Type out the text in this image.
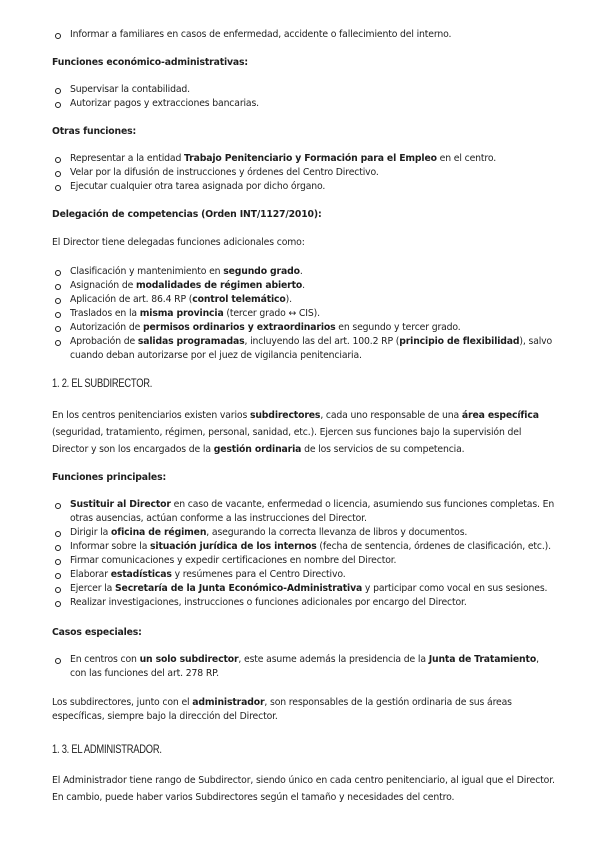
Informar a familiares en casos de enfermedad, accidente o fallecimiento del interno.
Funciones económico-administrativas:
Supervisar la contabilidad.
Autorizar pagos y extracciones bancarias.
Otras funciones:
Representar a la entidad Trabajo Penitenciario y Formación para el Empleo en el centro.
Velar por la difusión de instrucciones y órdenes del Centro Directivo.
Ejecutar cualquier otra tarea asignada por dicho órgano.
Delegación de competencias (Orden INT/1127/2010):
El Director tiene delegadas funciones adicionales como:
Clasificación y mantenimiento en segundo grado.
Asignación de modalidades de régimen abierto.
Aplicación de art. 86.4 RP (control telemático).
Traslados en la misma provincia (tercer grado ↔ CIS).
Autorización de permisos ordinarios y extraordinarios en segundo y tercer grado.
Aprobación de salidas programadas, incluyendo las del art. 100.2 RP (principio de flexibilidad), salvo cuando deban autorizarse por el juez de vigilancia penitenciaria.
1. 2. EL SUBDIRECTOR.
En los centros penitenciarios existen varios subdirectores, cada uno responsable de una área específica (seguridad, tratamiento, régimen, personal, sanidad, etc.). Ejercen sus funciones bajo la supervisión del Director y son los encargados de la gestión ordinaria de los servicios de su competencia.
Funciones principales:
Sustituir al Director en caso de vacante, enfermedad o licencia, asumiendo sus funciones completas. En otras ausencias, actúan conforme a las instrucciones del Director.
Dirigir la oficina de régimen, asegurando la correcta llevanza de libros y documentos.
Informar sobre la situación jurídica de los internos (fecha de sentencia, órdenes de clasificación, etc.).
Firmar comunicaciones y expedir certificaciones en nombre del Director.
Elaborar estadísticas y resúmenes para el Centro Directivo.
Ejercer la Secretaría de la Junta Económico-Administrativa y participar como vocal en sus sesiones.
Realizar investigaciones, instrucciones o funciones adicionales por encargo del Director.
Casos especiales:
En centros con un solo subdirector, este asume además la presidencia de la Junta de Tratamiento, con las funciones del art. 278 RP.
Los subdirectores, junto con el administrador, son responsables de la gestión ordinaria de sus áreas específicas, siempre bajo la dirección del Director.
1. 3. EL ADMINISTRADOR.
El Administrador tiene rango de Subdirector, siendo único en cada centro penitenciario, al igual que el Director. En cambio, puede haber varios Subdirectores según el tamaño y necesidades del centro.
